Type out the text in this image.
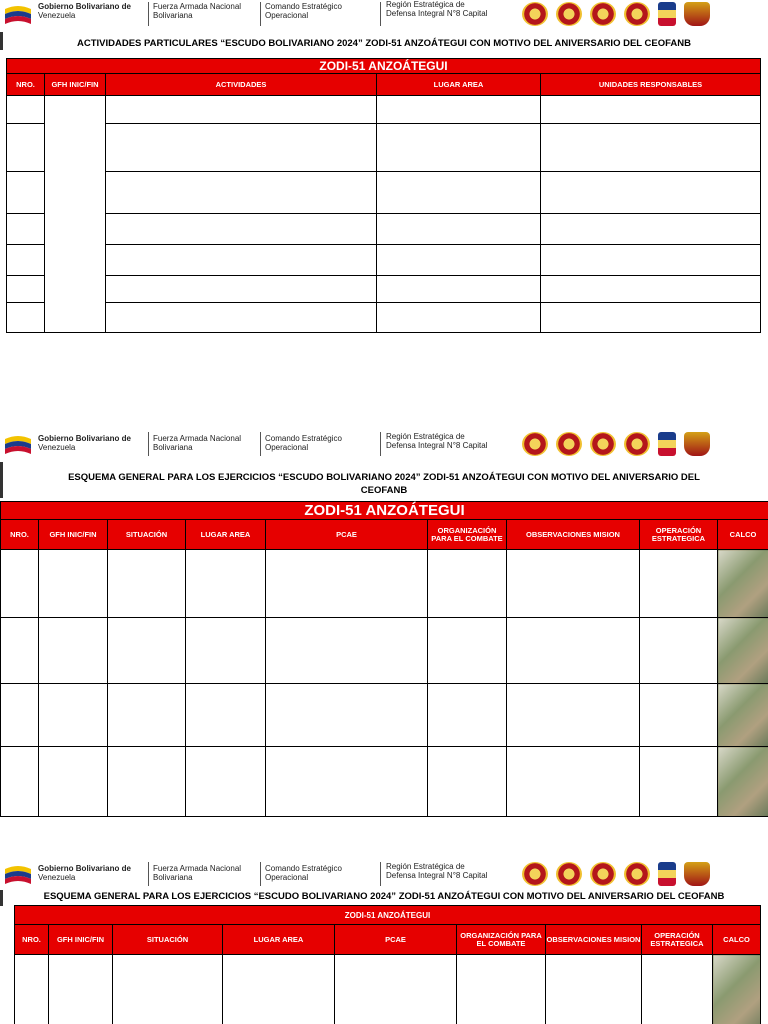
Gobierno Bolivariano de
Venezuela
Fuerza Armada Nacional
Bolivariana
Comando Estratégico
Operacional
Región Estratégica de
Defensa Integral N°8 Capital
ACTIVIDADES PARTICULARES “ESCUDO BOLIVARIANO 2024” ZODI-51 ANZOÁTEGUI CON MOTIVO DEL ANIVERSARIO DEL CEOFANB
ZODI-51 ANZOÁTEGUI				
NRO.	GFH INIC/FIN	ACTIVIDADES	LUGAR AREA	UNIDADES RESPONSABLES

Gobierno Bolivariano de
Venezuela
Fuerza Armada Nacional
Bolivariana
Comando Estratégico
Operacional
Región Estratégica de
Defensa Integral N°8 Capital
ESQUEMA GENERAL PARA LOS EJERCICIOS “ESCUDO BOLIVARIANO 2024” ZODI-51 ANZOÁTEGUI CON MOTIVO DEL ANIVERSARIO DEL
CEOFANB
ZODI-51 ANZOÁTEGUI								
NRO.	GFH INIC/FIN	SITUACIÓN	LUGAR AREA	PCAE	ORGANIZACIÓN PARA EL COMBATE	OBSERVACIONES MISION	OPERACIÓN ESTRATEGICA	CALCO

Gobierno Bolivariano de
Venezuela
Fuerza Armada Nacional
Bolivariana
Comando Estratégico
Operacional
Región Estratégica de
Defensa Integral N°8 Capital
ESQUEMA GENERAL PARA LOS EJERCICIOS “ESCUDO BOLIVARIANO 2024” ZODI-51 ANZOÁTEGUI CON MOTIVO DEL ANIVERSARIO DEL CEOFANB
ZODI-51 ANZOÁTEGUI								
NRO.	GFH INIC/FIN	SITUACIÓN	LUGAR AREA	PCAE	ORGANIZACIÓN PARA EL COMBATE	OBSERVACIONES MISION	OPERACIÓN ESTRATEGICA	CALCO
